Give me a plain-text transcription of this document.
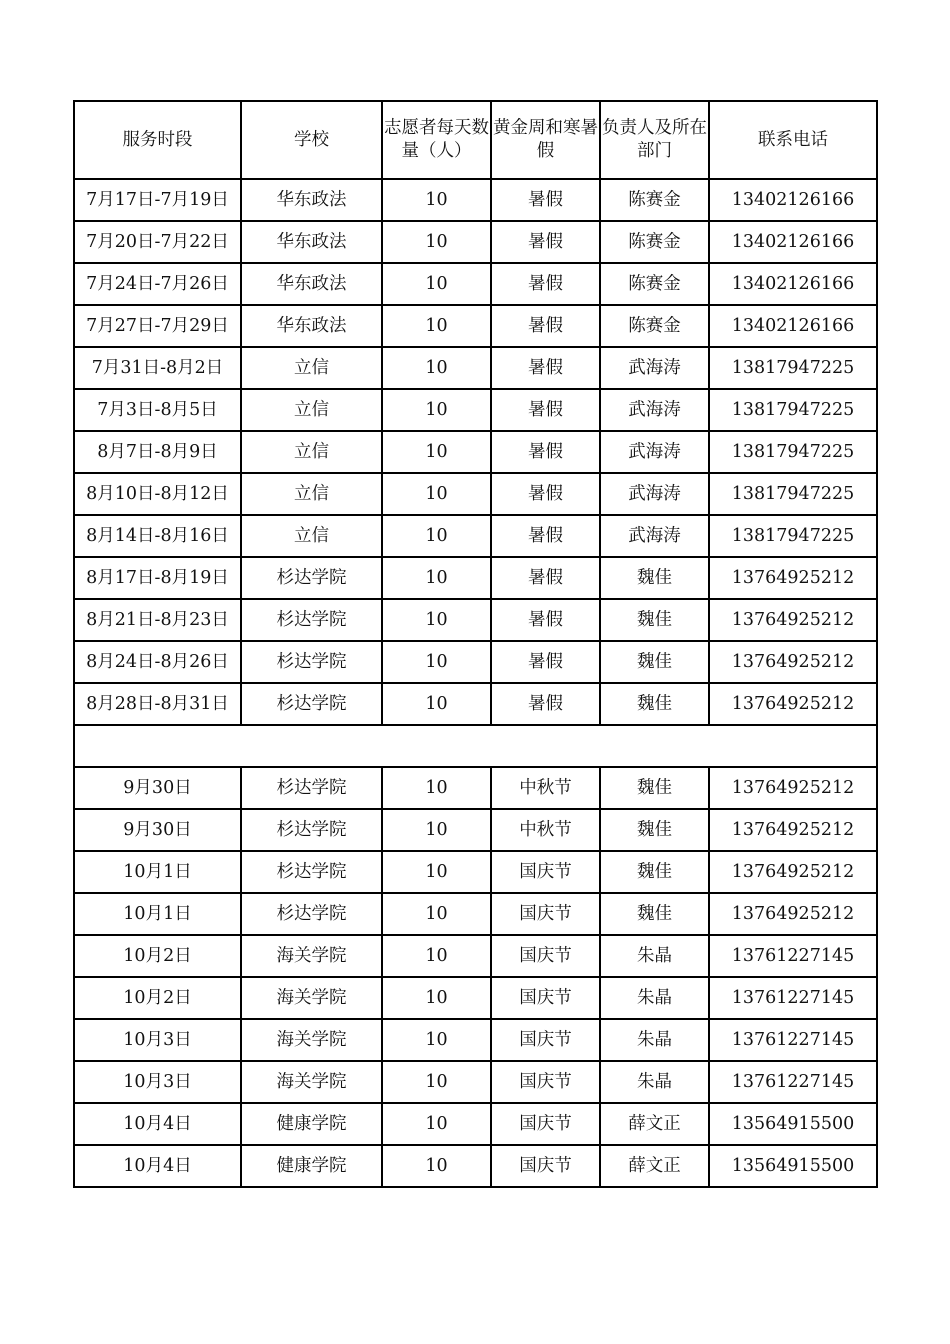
服务时段	学校	志愿者每天数量（人）	黄金周和寒暑假	负责人及所在部门	联系电话
7月17日-7月19日	华东政法	10	暑假	陈赛金	13402126166
7月20日-7月22日	华东政法	10	暑假	陈赛金	13402126166
7月24日-7月26日	华东政法	10	暑假	陈赛金	13402126166
7月27日-7月29日	华东政法	10	暑假	陈赛金	13402126166
7月31日-8月2日	立信	10	暑假	武海涛	13817947225
7月3日-8月5日	立信	10	暑假	武海涛	13817947225
8月7日-8月9日	立信	10	暑假	武海涛	13817947225
8月10日-8月12日	立信	10	暑假	武海涛	13817947225
8月14日-8月16日	立信	10	暑假	武海涛	13817947225
8月17日-8月19日	杉达学院	10	暑假	魏佳	13764925212
8月21日-8月23日	杉达学院	10	暑假	魏佳	13764925212
8月24日-8月26日	杉达学院	10	暑假	魏佳	13764925212
8月28日-8月31日	杉达学院	10	暑假	魏佳	13764925212

9月30日	杉达学院	10	中秋节	魏佳	13764925212
9月30日	杉达学院	10	中秋节	魏佳	13764925212
10月1日	杉达学院	10	国庆节	魏佳	13764925212
10月1日	杉达学院	10	国庆节	魏佳	13764925212
10月2日	海关学院	10	国庆节	朱晶	13761227145
10月2日	海关学院	10	国庆节	朱晶	13761227145
10月3日	海关学院	10	国庆节	朱晶	13761227145
10月3日	海关学院	10	国庆节	朱晶	13761227145
10月4日	健康学院	10	国庆节	薛文正	13564915500
10月4日	健康学院	10	国庆节	薛文正	13564915500
